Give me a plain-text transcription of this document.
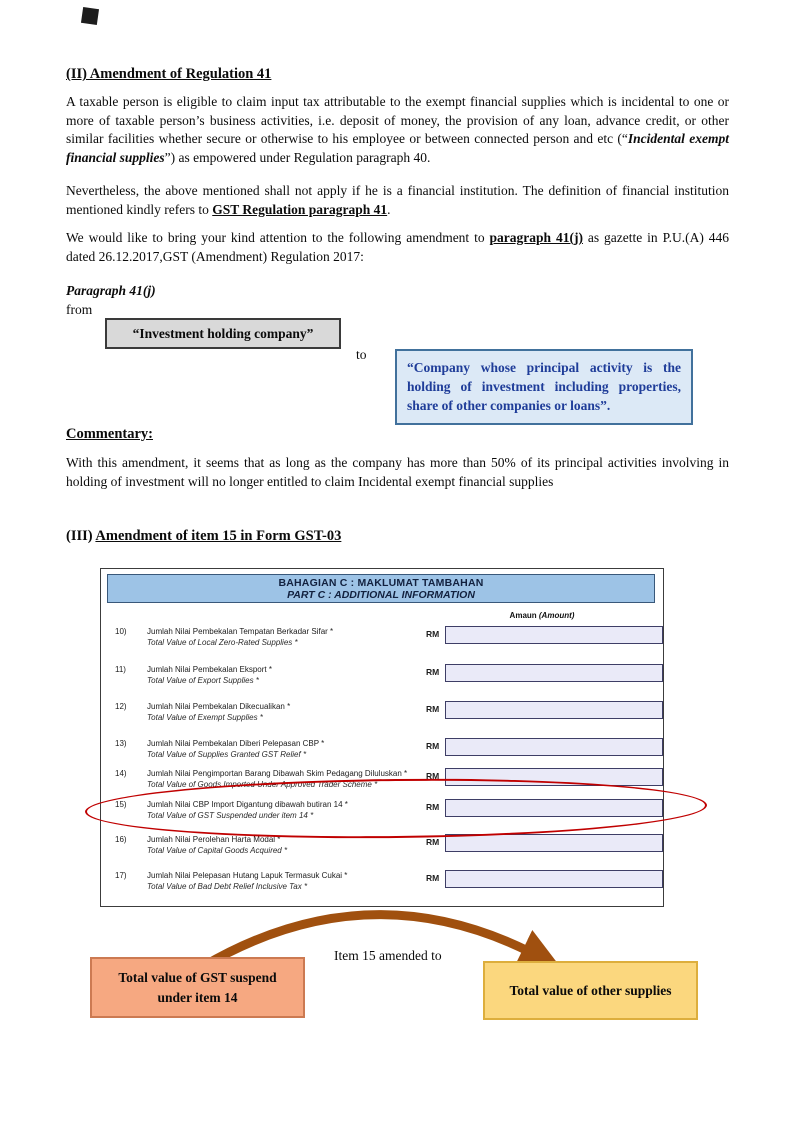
(II) Amendment of Regulation 41

A taxable person is eligible to claim input tax attributable to the exempt financial supplies which is incidental to one or more of taxable person’s business activities, i.e. deposit of money, the provision of any loan, advance credit, or other similar facilities whether secure or otherwise to his employee or between connected person and etc (“Incidental exempt financial supplies”) as empowered under Regulation paragraph 40.

Nevertheless, the above mentioned shall not apply if he is a financial institution. The definition of financial institution mentioned kindly refers to GST Regulation paragraph 41.

We would like to bring your kind attention to the following amendment to paragraph 41(j) as gazette in P.U.(A) 446 dated 26.12.2017,GST (Amendment) Regulation 2017:

Paragraph 41(j)
from
“Investment holding company”
to
“Company whose principal activity is the holding of investment including properties, share of other companies or loans”.
Commentary:

With this amendment, it seems that as long as the company has more than 50% of its principal activities involving in holding of investment will no longer entitled to claim Incidental exempt financial supplies

(III) Amendment of item 15 in Form GST-03
BAHAGIAN C : MAKLUMAT TAMBAHAN
PART C : ADDITIONAL INFORMATION
Amaun (Amount)
10)	Jumlah Nilai Pembekalan Tempatan Berkadar Sifar *
Total Value of Local Zero-Rated Supplies *
RM
11)	Jumlah Nilai Pembekalan Eksport *
Total Value of Export Supplies *
RM
12)	Jumlah Nilai Pembekalan Dikecualikan *
Total Value of Exempt Supplies *
RM
13)	Jumlah Nilai Pembekalan Diberi Pelepasan CBP *
Total Value of Supplies Granted GST Relief *
RM
14)	Jumlah Nilai Pengimportan Barang Dibawah Skim Pedagang Diluluskan *
Total Value of Goods Imported Under Approved Trader Scheme *
RM
15)	Jumlah Nilai CBP Import Digantung dibawah butiran 14 *
Total Value of GST Suspended under item 14 *
RM
16)	Jumlah Nilai Perolehan Harta Modal *
Total Value of Capital Goods Acquired *
RM
17)	Jumlah Nilai Pelepasan Hutang Lapuk Termasuk Cukai *
Total Value of Bad Debt Relief Inclusive Tax *
RM
Item 15 amended to
Total value of GST suspend under item 14	Total value of other supplies
